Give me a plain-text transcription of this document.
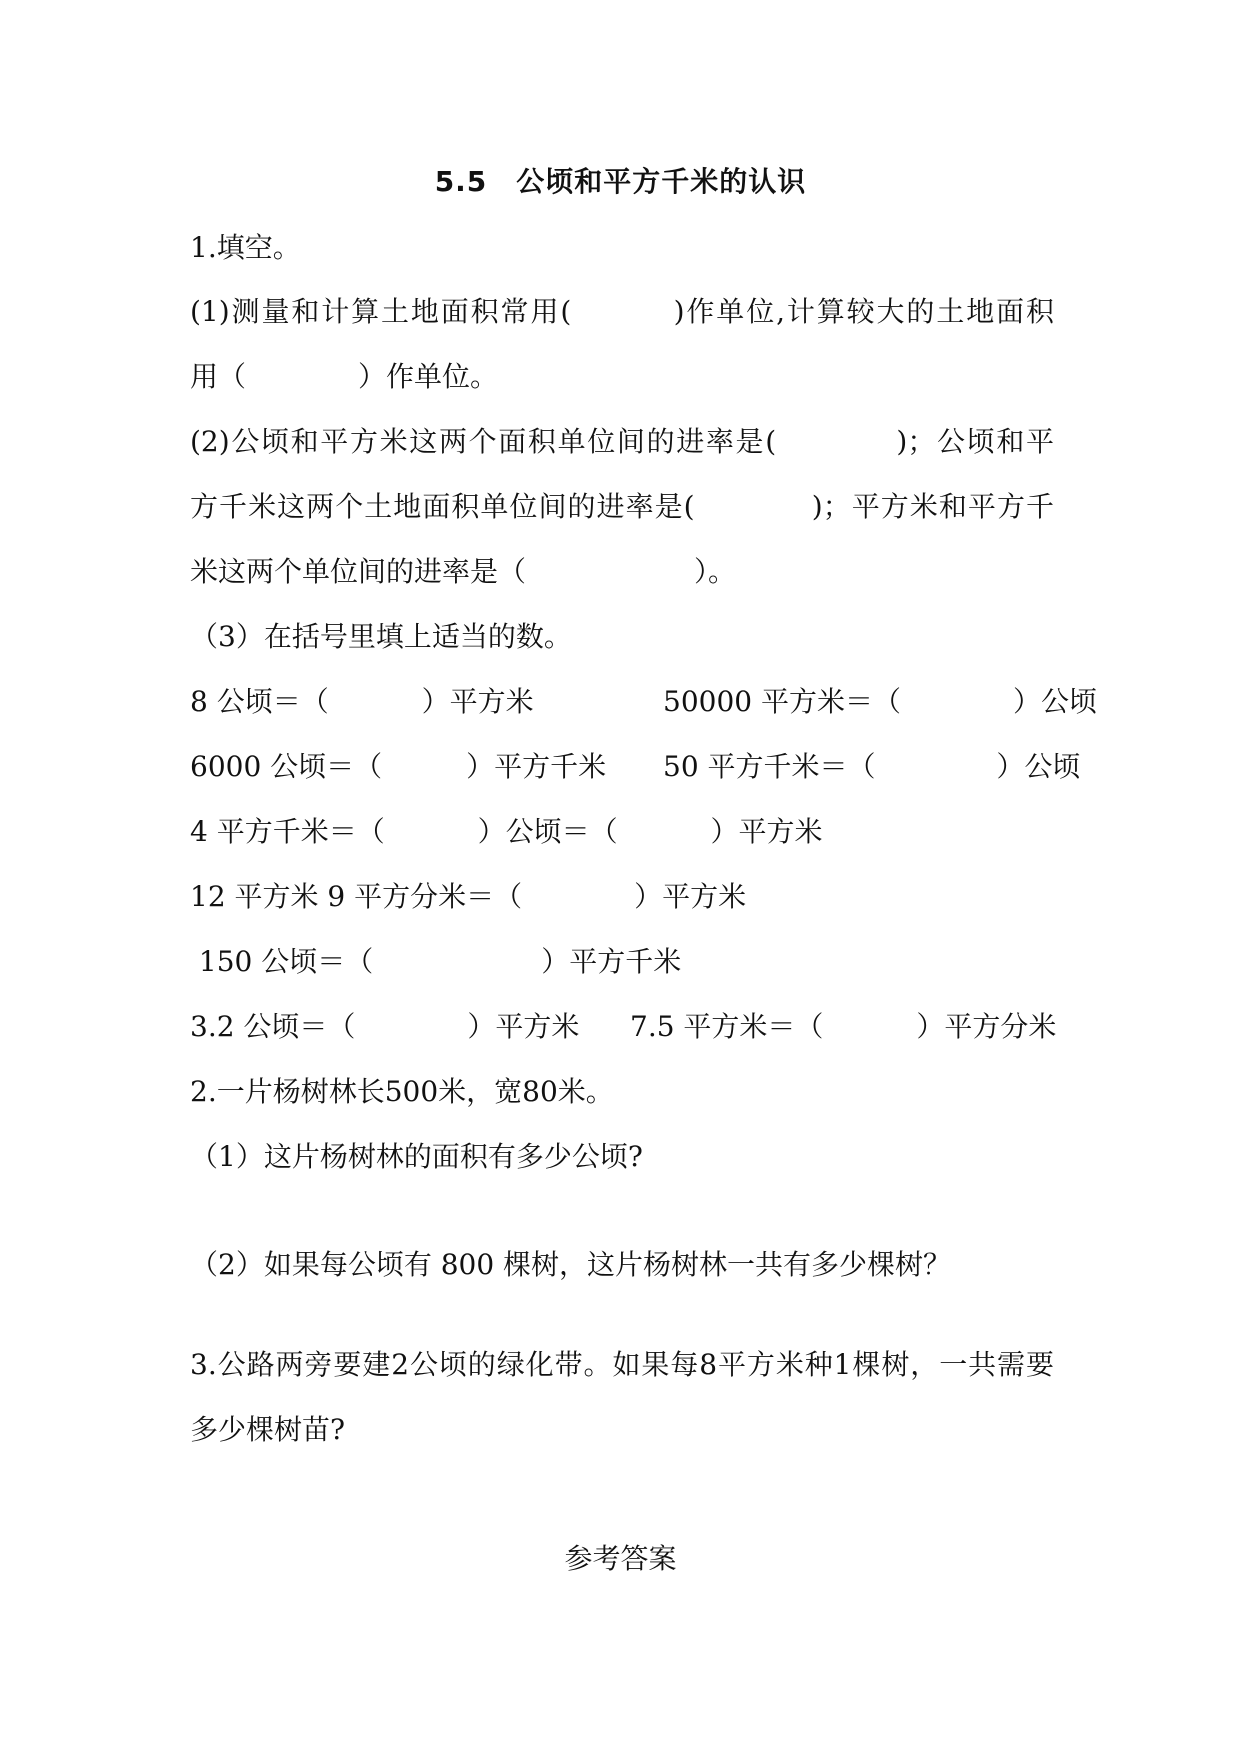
5.5　公顷和平方千米的认识
1.填空。
(1)测量和计算土地面积常用(　　　 )作单位,计算较大的土地面积
用（　　　　）作单位。
(2)公顷和平方米这两个面积单位间的进率是(　　　　)；公顷和平
方千米这两个土地面积单位间的进率是(　　　　)；平方米和平方千
米这两个单位间的进率是（　　　　　　）。
（3）在括号里填上适当的数。
8 公顷＝（　　　 ）平方米	50000 平方米＝（　　　　）公顷
6000 公顷＝（　　　）平方千米 50 平方千米＝（　　　　 ）公顷
4 平方千米＝（　　　 ）公顷＝（　　　 ）平方米
12 平方米 9 平方分米＝（　　　　）平方米
150 公顷＝（　　　　　　）平方千米
3.2 公顷＝（　　　　）平方米 7.5 平方米＝（　　　 ）平方分米
2.一片杨树林长500米，宽80米。
（1）这片杨树林的面积有多少公顷?
（2）如果每公顷有 800 棵树，这片杨树林一共有多少棵树？
3.公路两旁要建2公顷的绿化带。如果每8平方米种1棵树，一共需要
多少棵树苗?
参考答案
